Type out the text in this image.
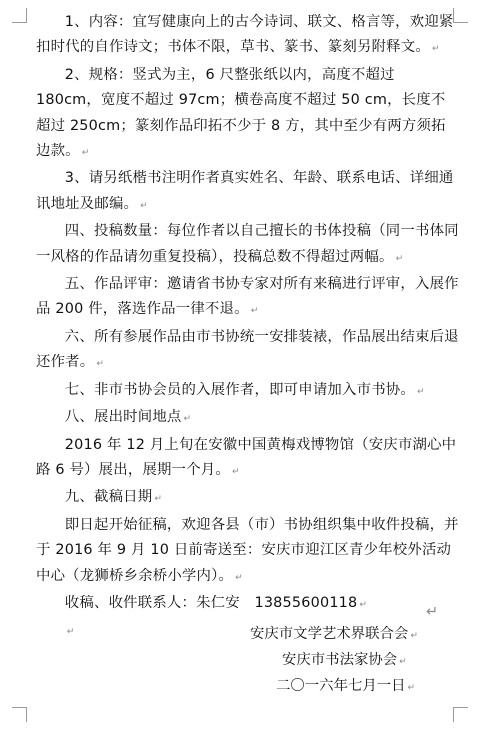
1、内容：宜写健康向上的古今诗词、联文、格言等，欢迎紧扣时代的自作诗文；书体不限，草书、篆书、篆刻另附释文。 ↵

2、规格：竖式为主，6 尺整张纸以内，高度不超过 180cm，宽度不超过 97cm；横卷高度不超过 50 cm，长度不超过 250cm；篆刻作品印拓不少于 8 方，其中至少有两方须拓边款。 ↵

3、请另纸楷书注明作者真实姓名、年龄、联系电话、详细通讯地址及邮编。 ↵

四、投稿数量：每位作者以自己擅长的书体投稿（同一书体同一风格的作品请勿重复投稿），投稿总数不得超过两幅。 ↵

五、作品评审：邀请省书协专家对所有来稿进行评审，入展作品 200 件，落选作品一律不退。 ↵

六、所有参展作品由市书协统一安排装裱，作品展出结束后退还作者。 ↵

七、非市书协会员的入展作者，即可申请加入市书协。 ↵

八、展出时间地点 ↵

2016 年 12 月上旬在安徽中国黄梅戏博物馆（安庆市湖心中路 6 号）展出，展期一个月。 ↵

九、截稿日期 ↵

即日起开始征稿，欢迎各县（市）书协组织集中收件投稿，并于 2016 年 9 月 10 日前寄送至：安庆市迎江区青少年校外活动中心（龙狮桥乡余桥小学内）。 ↵

收稿、收件联系人：朱仁安　13855600118 ↵

↵

↵
安庆市文学艺术界联合会 ↵
安庆市书法家协会 ↵
二〇一六年七月一日 ↵
